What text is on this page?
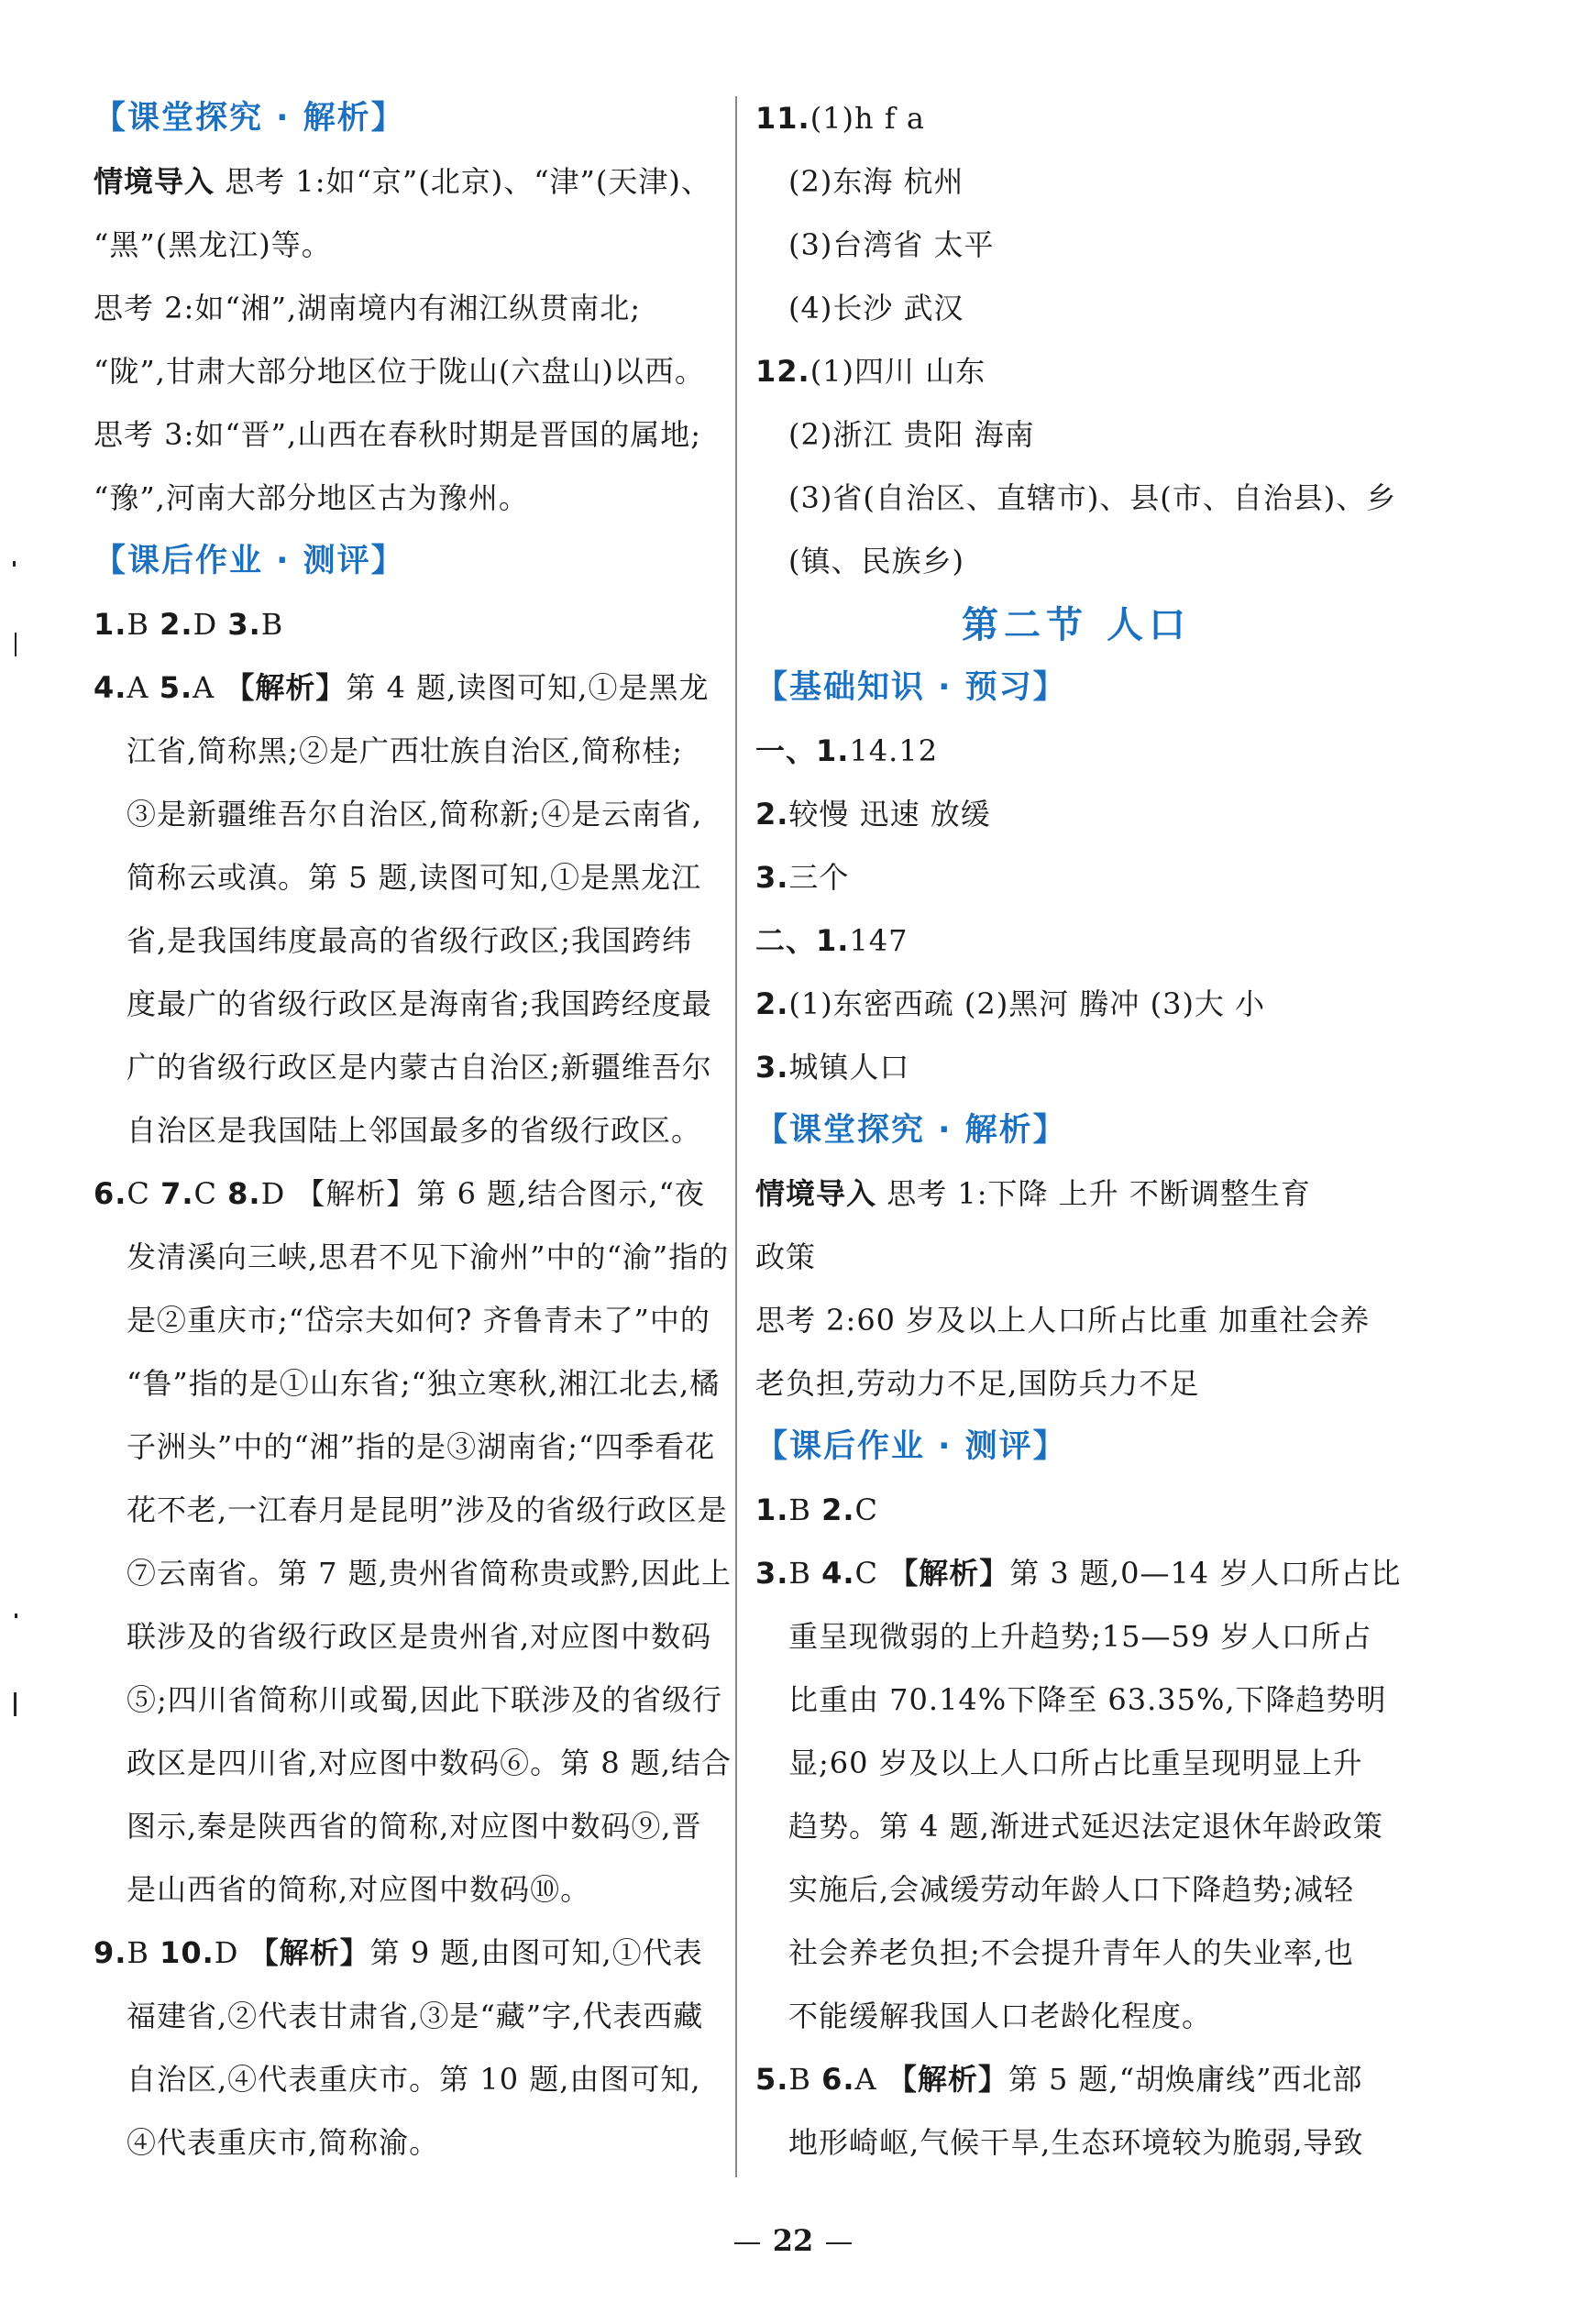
【课堂探究 · 解析】
情境导入 思考 1:如“京”(北京)、“津”(天津)、
“黑”(黑龙江)等。
思考 2:如“湘”,湖南境内有湘江纵贯南北;
“陇”,甘肃大部分地区位于陇山(六盘山)以西。
思考 3:如“晋”,山西在春秋时期是晋国的属地;
“豫”,河南大部分地区古为豫州。
【课后作业 · 测评】
1.B 2.D 3.B
4.A 5.A 【解析】第 4 题,读图可知,①是黑龙
江省,简称黑;②是广西壮族自治区,简称桂;
③是新疆维吾尔自治区,简称新;④是云南省,
简称云或滇。第 5 题,读图可知,①是黑龙江
省,是我国纬度最高的省级行政区;我国跨纬
度最广的省级行政区是海南省;我国跨经度最
广的省级行政区是内蒙古自治区;新疆维吾尔
自治区是我国陆上邻国最多的省级行政区。
6.C 7.C 8.D 【解析】第 6 题,结合图示,“夜
发清溪向三峡,思君不见下渝州”中的“渝”指的
是②重庆市;“岱宗夫如何? 齐鲁青未了”中的
“鲁”指的是①山东省;“独立寒秋,湘江北去,橘
子洲头”中的“湘”指的是③湖南省;“四季看花
花不老,一江春月是昆明”涉及的省级行政区是
⑦云南省。第 7 题,贵州省简称贵或黔,因此上
联涉及的省级行政区是贵州省,对应图中数码
⑤;四川省简称川或蜀,因此下联涉及的省级行
政区是四川省,对应图中数码⑥。第 8 题,结合
图示,秦是陕西省的简称,对应图中数码⑨,晋
是山西省的简称,对应图中数码⑩。
9.B 10.D 【解析】第 9 题,由图可知,①代表
福建省,②代表甘肃省,③是“藏”字,代表西藏
自治区,④代表重庆市。第 10 题,由图可知,
④代表重庆市,简称渝。
11.(1)h f a
(2)东海 杭州
(3)台湾省 太平
(4)长沙 武汉
12.(1)四川 山东
(2)浙江 贵阳 海南
(3)省(自治区、直辖市)、县(市、自治县)、乡
(镇、民族乡)
第二节 人口
【基础知识 · 预习】
一、1.14.12
2.较慢 迅速 放缓
3.三个
二、1.147
2.(1)东密西疏 (2)黑河 腾冲 (3)大 小
3.城镇人口
【课堂探究 · 解析】
情境导入 思考 1:下降 上升 不断调整生育
政策
思考 2:60 岁及以上人口所占比重 加重社会养
老负担,劳动力不足,国防兵力不足
【课后作业 · 测评】
1.B 2.C
3.B 4.C 【解析】第 3 题,0—14 岁人口所占比
重呈现微弱的上升趋势;15—59 岁人口所占
比重由 70.14%下降至 63.35%,下降趋势明
显;60 岁及以上人口所占比重呈现明显上升
趋势。第 4 题,渐进式延迟法定退休年龄政策
实施后,会减缓劳动年龄人口下降趋势;减轻
社会养老负担;不会提升青年人的失业率,也
不能缓解我国人口老龄化程度。
5.B 6.A 【解析】第 5 题,“胡焕庸线”西北部
地形崎岖,气候干旱,生态环境较为脆弱,导致
22
